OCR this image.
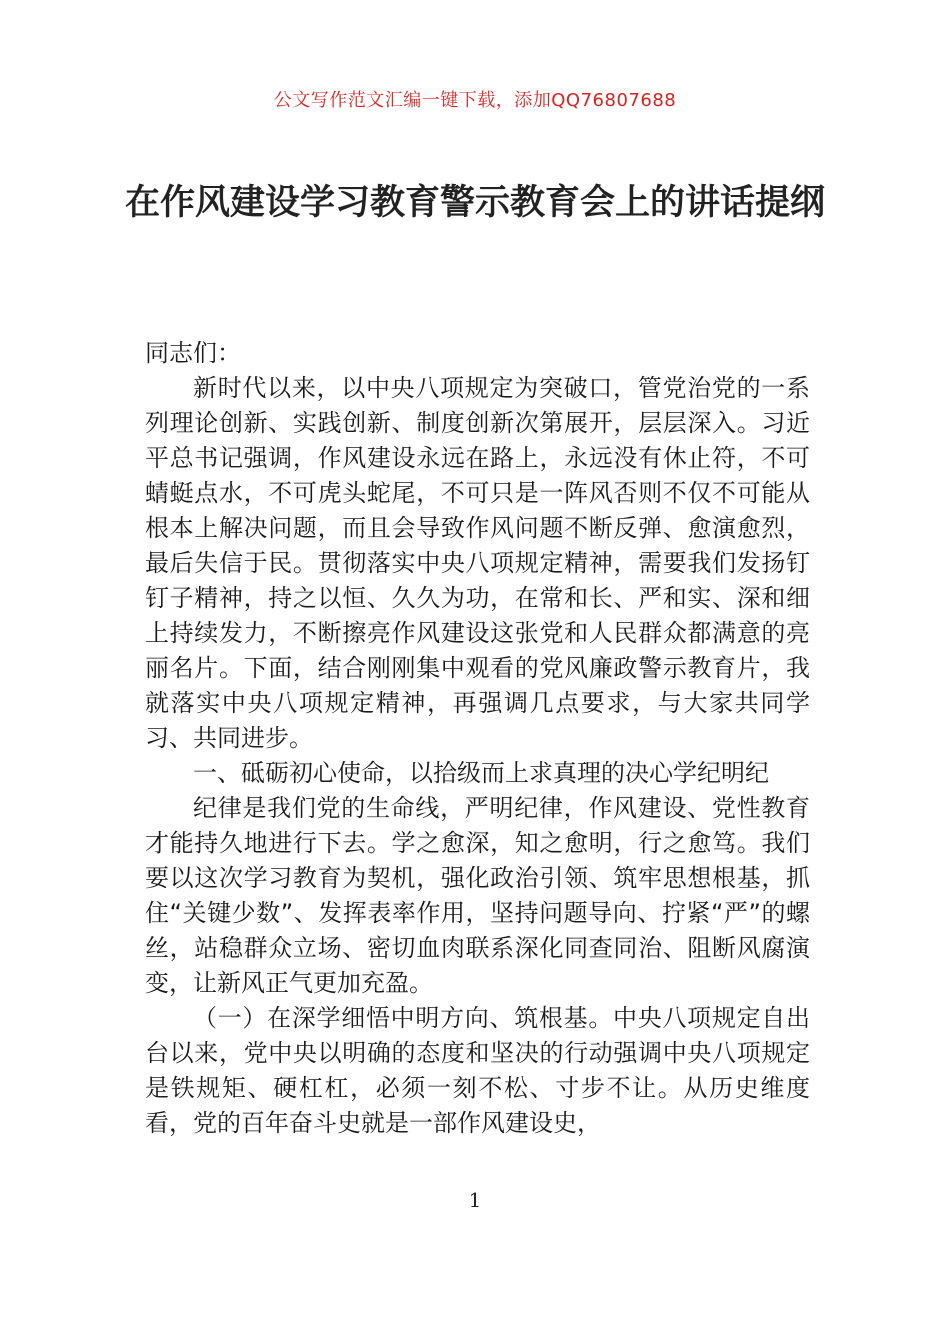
公文写作范文汇编一键下载，添加QQ76807688
在作风建设学习教育警示教育会上的讲话提纲

同志们：

新时代以来，以中央八项规定为突破口，管党治党的一系列理论创新、实践创新、制度创新次第展开，层层深入。习近平总书记强调，作风建设永远在路上，永远没有休止符，不可蜻蜓点水，不可虎头蛇尾，不可只是一阵风否则不仅不可能从根本上解决问题，而且会导致作风问题不断反弹、愈演愈烈，最后失信于民。贯彻落实中央八项规定精神，需要我们发扬钉钉子精神，持之以恒、久久为功，在常和长、严和实、深和细上持续发力，不断擦亮作风建设这张党和人民群众都满意的亮丽名片。下面，结合刚刚集中观看的党风廉政警示教育片，我就落实中央八项规定精神，再强调几点要求，与大家共同学习、共同进步。

一、砥砺初心使命，以拾级而上求真理的决心学纪明纪

纪律是我们党的生命线，严明纪律，作风建设、党性教育才能持久地进行下去。学之愈深，知之愈明，行之愈笃。我们要以这次学习教育为契机，强化政治引领、筑牢思想根基，抓住“关键少数”、发挥表率作用，坚持问题导向、拧紧“严”的螺丝，站稳群众立场、密切血肉联系深化同查同治、阻断风腐演变，让新风正气更加充盈。

（一）在深学细悟中明方向、筑根基。中央八项规定自出台以来，党中央以明确的态度和坚决的行动强调中央八项规定是铁规矩、硬杠杠，必须一刻不松、寸步不让。从历史维度看，党的百年奋斗史就是一部作风建设史，

1
